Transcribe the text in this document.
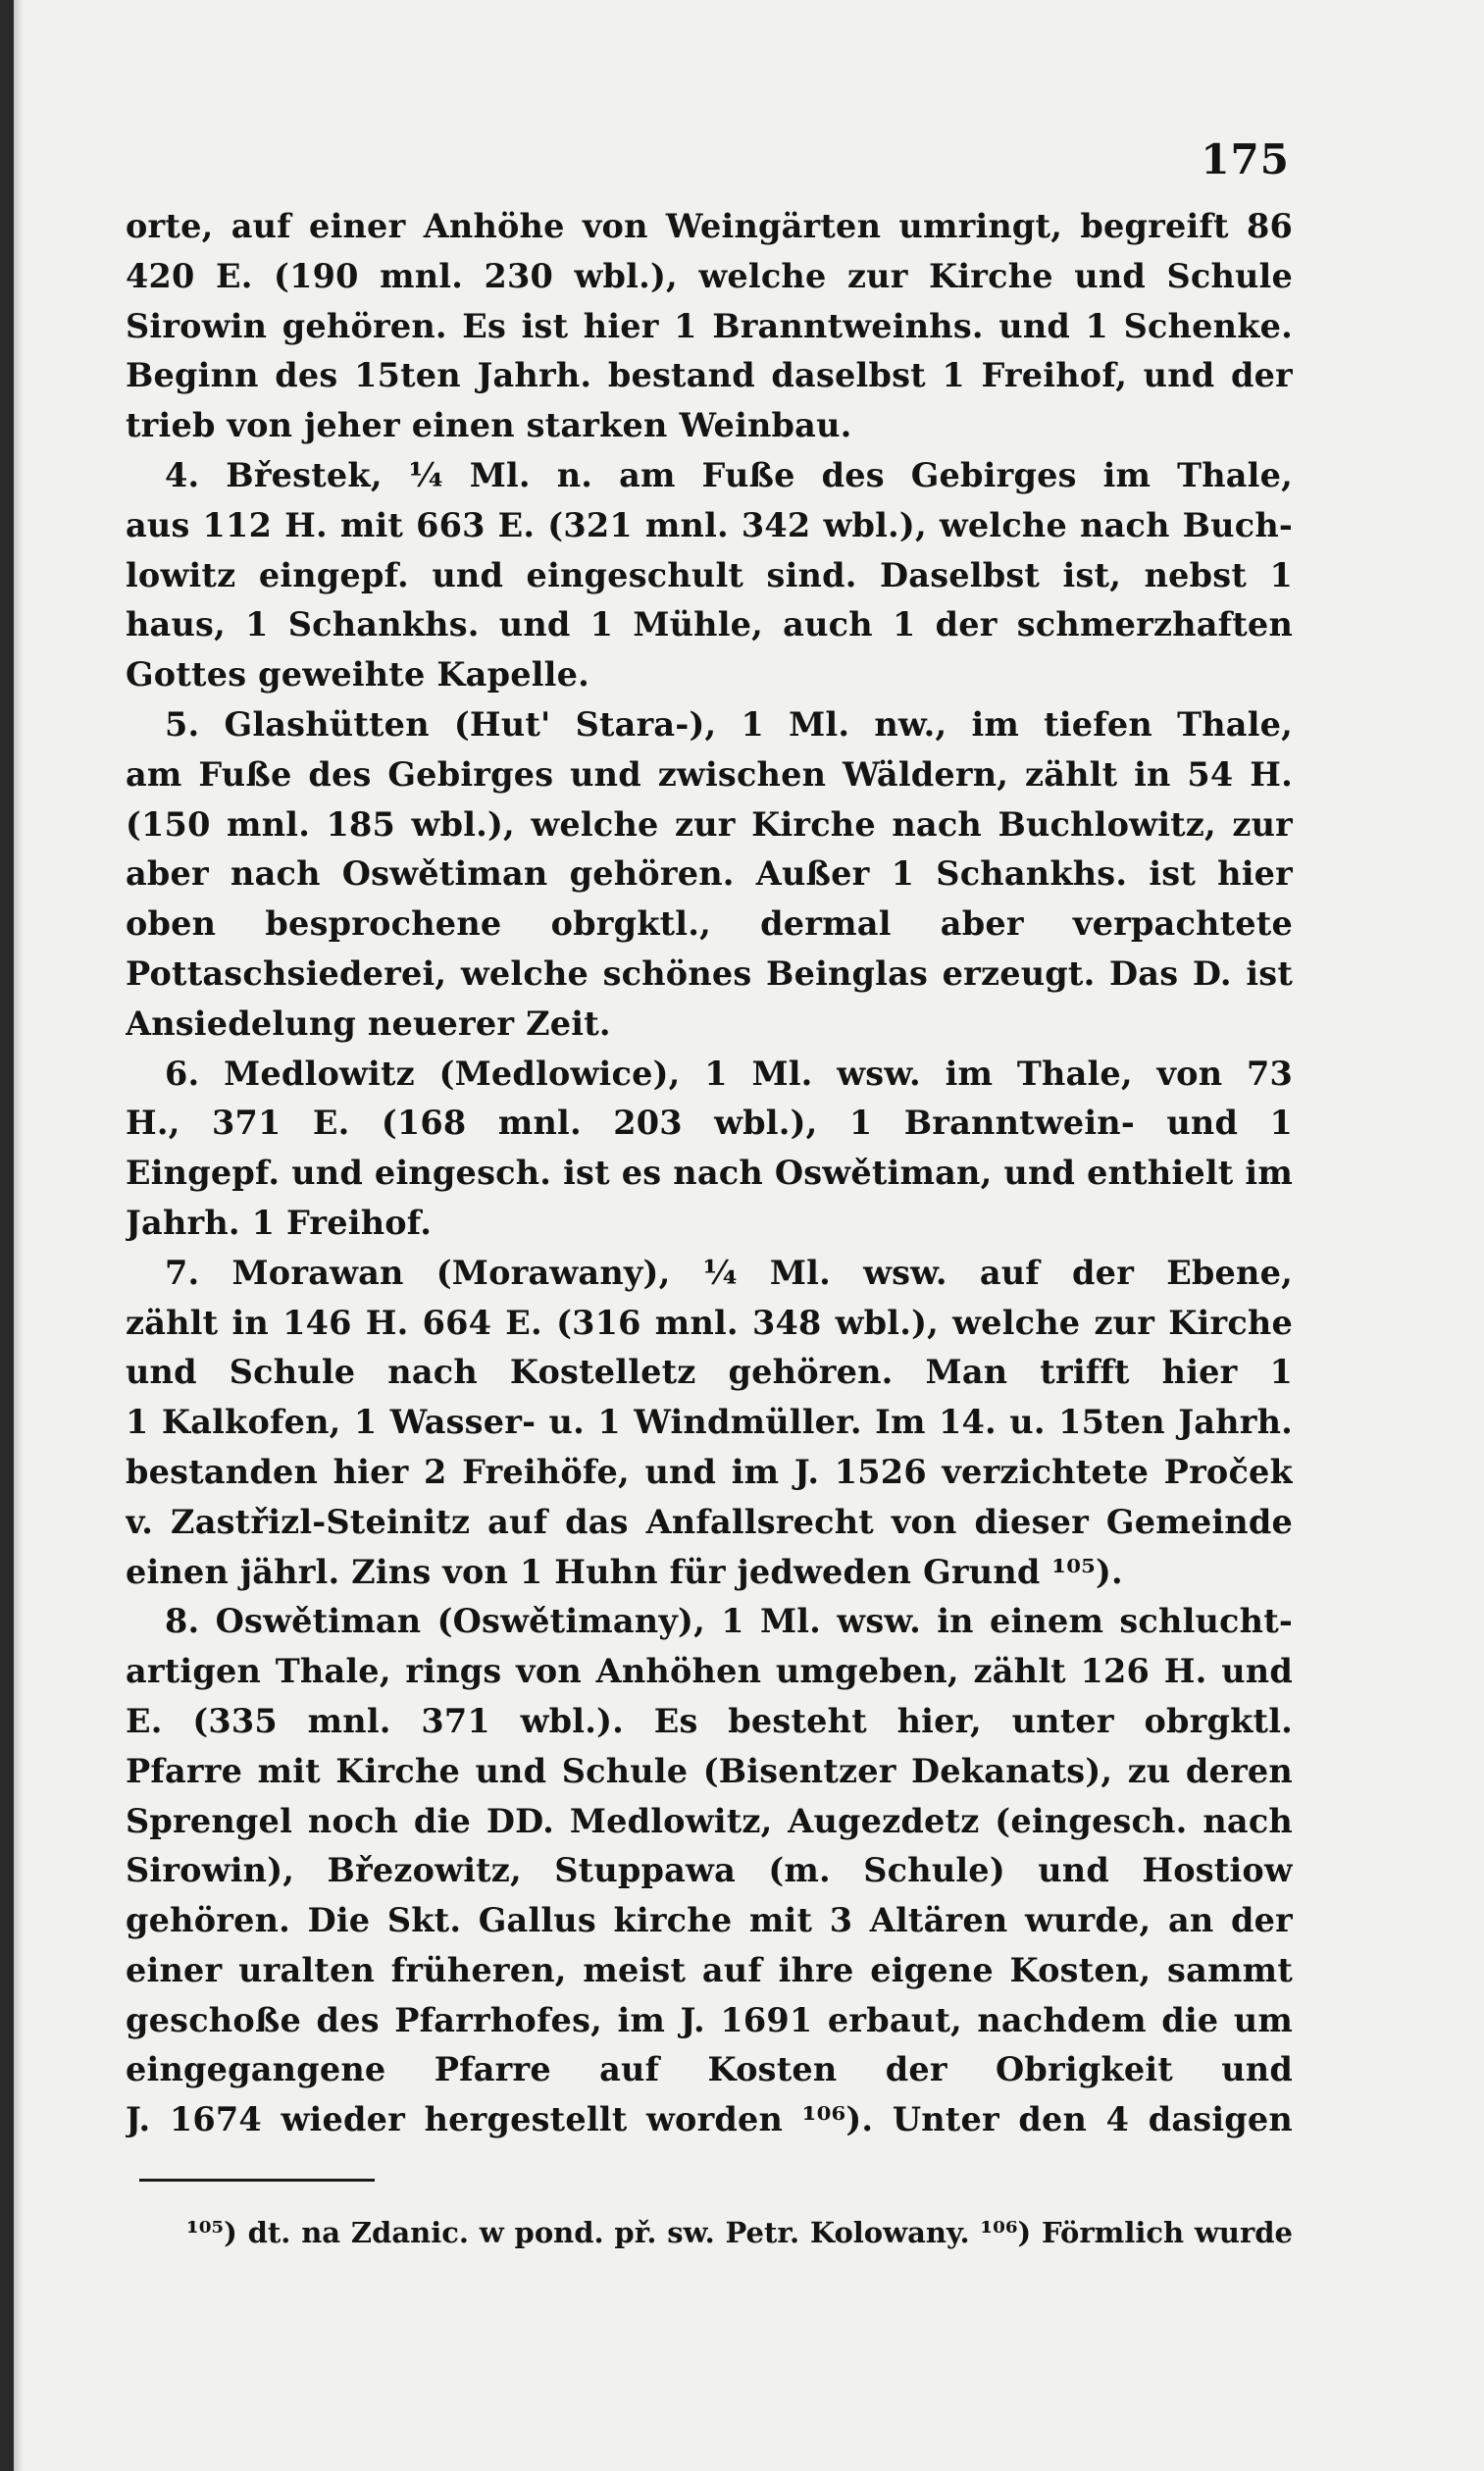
175
orte, auf einer Anhöhe von Weingärten umringt, begreift 86
420 E. (190 mnl. 230 wbl.), welche zur Kirche und Schule
Sirowin gehören. Es ist hier 1 Branntweinhs. und 1 Schenke.
Beginn des 15ten Jahrh. bestand daselbst 1 Freihof, und der
trieb von jeher einen starken Weinbau.
4. Břestek, ¼ Ml. n. am Fuße des Gebirges im Thale,
aus 112 H. mit 663 E. (321 mnl. 342 wbl.), welche nach Buch-
lowitz eingepf. und eingeschult sind. Daselbst ist, nebst 1
haus, 1 Schankhs. und 1 Mühle, auch 1 der schmerzhaften
Gottes geweihte Kapelle.
5. Glashütten (Hut' Stara-), 1 Ml. nw., im tiefen Thale,
am Fuße des Gebirges und zwischen Wäldern, zählt in 54 H.
(150 mnl. 185 wbl.), welche zur Kirche nach Buchlowitz, zur
aber nach Oswětiman gehören. Außer 1 Schankhs. ist hier
oben besprochene obrgktl., dermal aber verpachtete
Pottaschsiederei, welche schönes Beinglas erzeugt. Das D. ist
Ansiedelung neuerer Zeit.
6. Medlowitz (Medlowice), 1 Ml. wsw. im Thale, von 73
H., 371 E. (168 mnl. 203 wbl.), 1 Branntwein- und 1
Eingepf. und eingesch. ist es nach Oswětiman, und enthielt im
Jahrh. 1 Freihof.
7. Morawan (Morawany), ¼ Ml. wsw. auf der Ebene,
zählt in 146 H. 664 E. (316 mnl. 348 wbl.), welche zur Kirche
und Schule nach Kostelletz gehören. Man trifft hier 1
1 Kalkofen, 1 Wasser- u. 1 Windmüller. Im 14. u. 15ten Jahrh.
bestanden hier 2 Freihöfe, und im J. 1526 verzichtete Proček
v. Zastřizl-Steinitz auf das Anfallsrecht von dieser Gemeinde
einen jährl. Zins von 1 Huhn für jedweden Grund ¹⁰⁵).
8. Oswětiman (Oswětimany), 1 Ml. wsw. in einem schlucht-
artigen Thale, rings von Anhöhen umgeben, zählt 126 H. und
E. (335 mnl. 371 wbl.). Es besteht hier, unter obrgktl.
Pfarre mit Kirche und Schule (Bisentzer Dekanats), zu deren
Sprengel noch die DD. Medlowitz, Augezdetz (eingesch. nach
Sirowin), Březowitz, Stuppawa (m. Schule) und Hostiow
gehören. Die Skt. Gallus kirche mit 3 Altären wurde, an der
einer uralten früheren, meist auf ihre eigene Kosten, sammt
geschoße des Pfarrhofes, im J. 1691 erbaut, nachdem die um
eingegangene Pfarre auf Kosten der Obrigkeit und
J. 1674 wieder hergestellt worden ¹⁰⁶). Unter den 4 dasigen
¹⁰⁵) dt. na Zdanic. w pond. př. sw. Petr. Kolowany. ¹⁰⁶) Förmlich wurde
